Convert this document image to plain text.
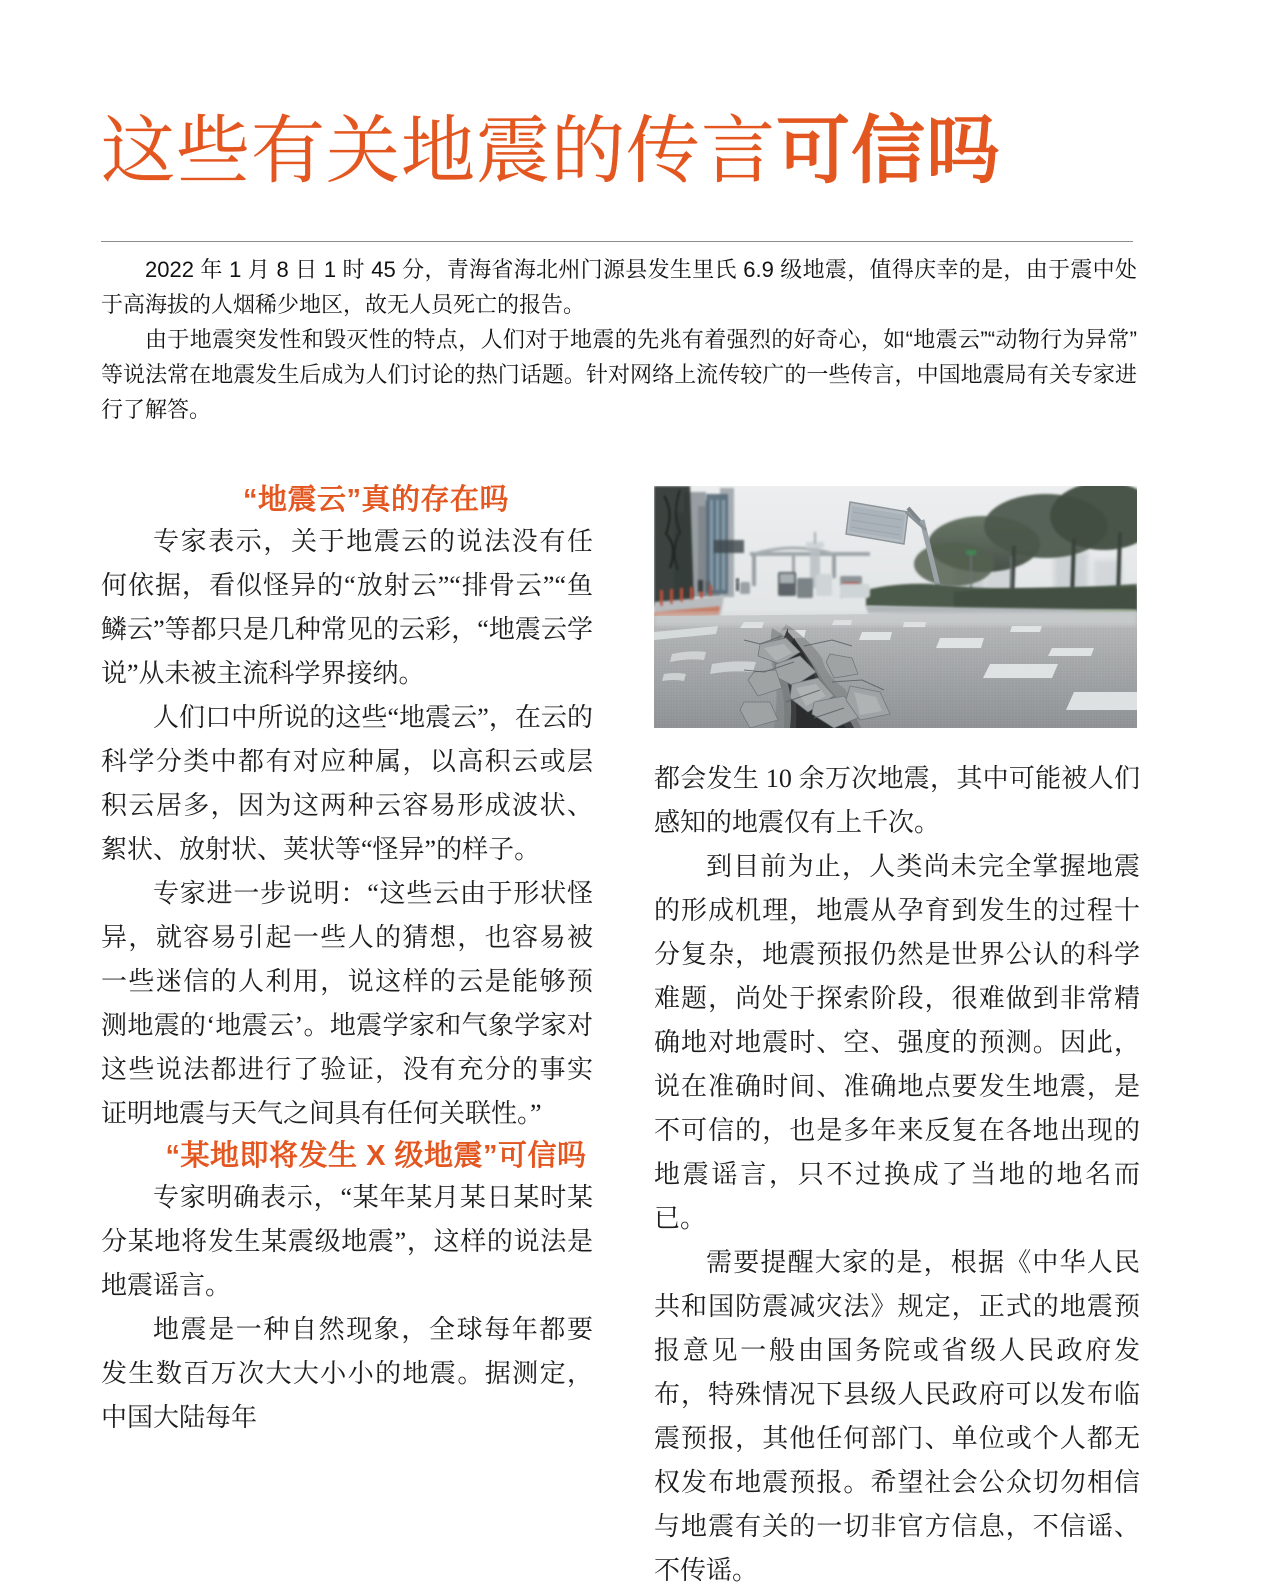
这些有关地震的传言可信吗

2022 年 1 月 8 日 1 时 45 分，青海省海北州门源县发生里氏 6.9 级地震，值得庆幸的是，由于震中处于高海拔的人烟稀少地区，故无人员死亡的报告。

由于地震突发性和毁灭性的特点，人们对于地震的先兆有着强烈的好奇心，如“地震云”“动物行为异常”等说法常在地震发生后成为人们讨论的热门话题。针对网络上流传较广的一些传言，中国地震局有关专家进行了解答。

“地震云”真的存在吗

专家表示，关于地震云的说法没有任何依据，看似怪异的“放射云”“排骨云”“鱼鳞云”等都只是几种常见的云彩，“地震云学说”从未被主流科学界接纳。

人们口中所说的这些“地震云”，在云的科学分类中都有对应种属，以高积云或层积云居多，因为这两种云容易形成波状、絮状、放射状、荚状等“怪异”的样子。

专家进一步说明：“这些云由于形状怪异，就容易引起一些人的猜想，也容易被一些迷信的人利用，说这样的云是能够预测地震的‘地震云’。地震学家和气象学家对这些说法都进行了验证，没有充分的事实证明地震与天气之间具有任何关联性。”

“某地即将发生 X 级地震”可信吗

专家明确表示，“某年某月某日某时某分某地将发生某震级地震”，这样的说法是地震谣言。

地震是一种自然现象，全球每年都要发生数百万次大大小小的地震。据测定，中国大陆每年

都会发生 10 余万次地震，其中可能被人们感知的地震仅有上千次。

到目前为止，人类尚未完全掌握地震的形成机理，地震从孕育到发生的过程十分复杂，地震预报仍然是世界公认的科学难题，尚处于探索阶段，很难做到非常精确地对地震时、空、强度的预测。因此，说在准确时间、准确地点要发生地震，是不可信的，也是多年来反复在各地出现的地震谣言，只不过换成了当地的地名而已。

需要提醒大家的是，根据《中华人民共和国防震减灾法》规定，正式的地震预报意见一般由国务院或省级人民政府发布，特殊情况下县级人民政府可以发布临震预报，其他任何部门、单位或个人都无权发布地震预报。希望社会公众切勿相信与地震有关的一切非官方信息，不信谣、不传谣。
